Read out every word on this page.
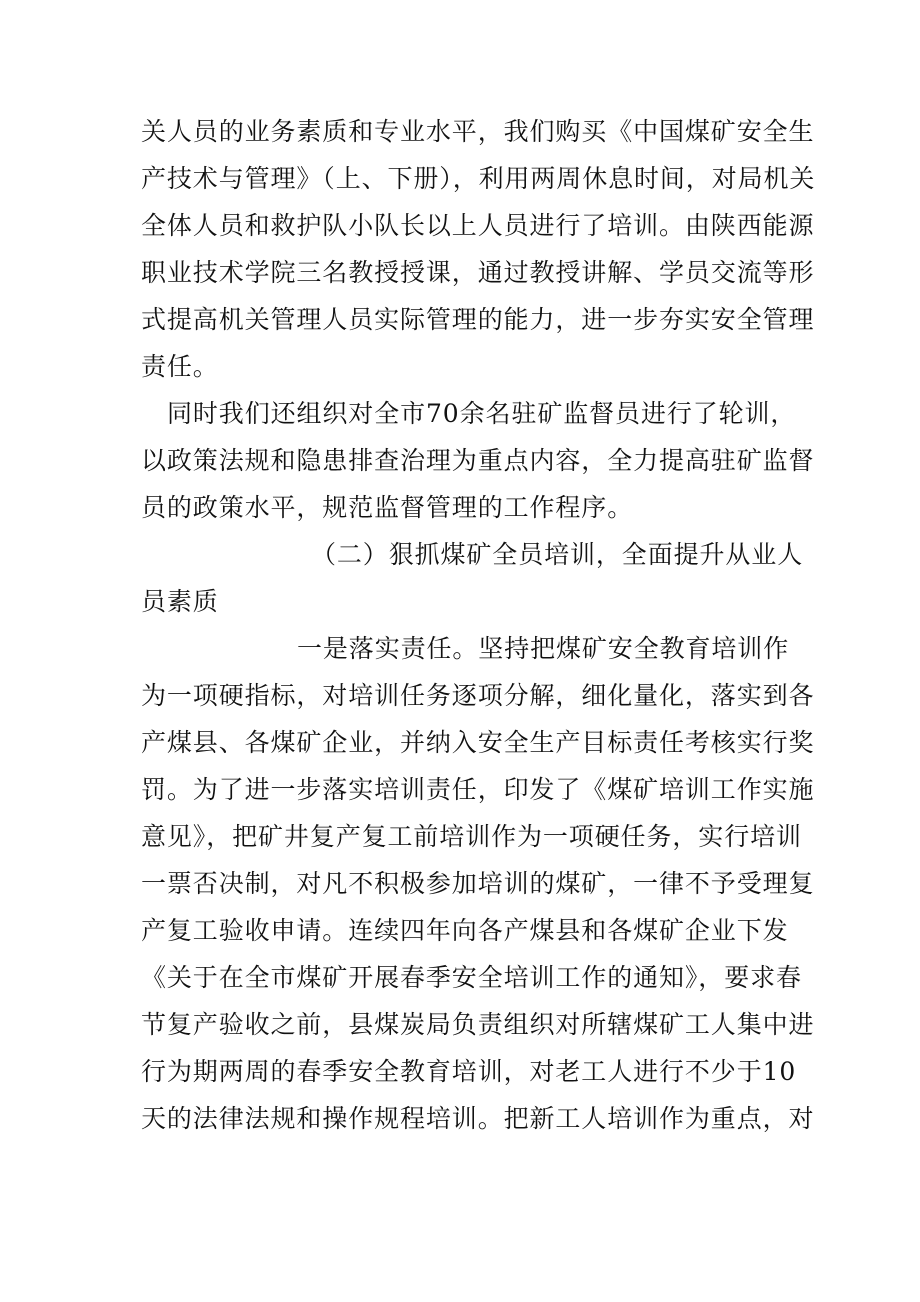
关人员的业务素质和专业水平，我们购买《中国煤矿安全生
产技术与管理》（上、下册），利用两周休息时间，对局机关
全体人员和救护队小队长以上人员进行了培训。由陕西能源
职业技术学院三名教授授课，通过教授讲解、学员交流等形
式提高机关管理人员实际管理的能力，进一步夯实安全管理
责任。
同时我们还组织对全市70余名驻矿监督员进行了轮训，
以政策法规和隐患排查治理为重点内容，全力提高驻矿监督
员的政策水平，规范监督管理的工作程序。
（二）狠抓煤矿全员培训，全面提升从业人
员素质
一是落实责任。坚持把煤矿安全教育培训作
为一项硬指标，对培训任务逐项分解，细化量化，落实到各
产煤县、各煤矿企业，并纳入安全生产目标责任考核实行奖
罚。为了进一步落实培训责任，印发了《煤矿培训工作实施
意见》，把矿井复产复工前培训作为一项硬任务，实行培训
一票否决制，对凡不积极参加培训的煤矿，一律不予受理复
产复工验收申请。连续四年向各产煤县和各煤矿企业下发
《关于在全市煤矿开展春季安全培训工作的通知》，要求春
节复产验收之前，县煤炭局负责组织对所辖煤矿工人集中进
行为期两周的春季安全教育培训，对老工人进行不少于10
天的法律法规和操作规程培训。把新工人培训作为重点，对
